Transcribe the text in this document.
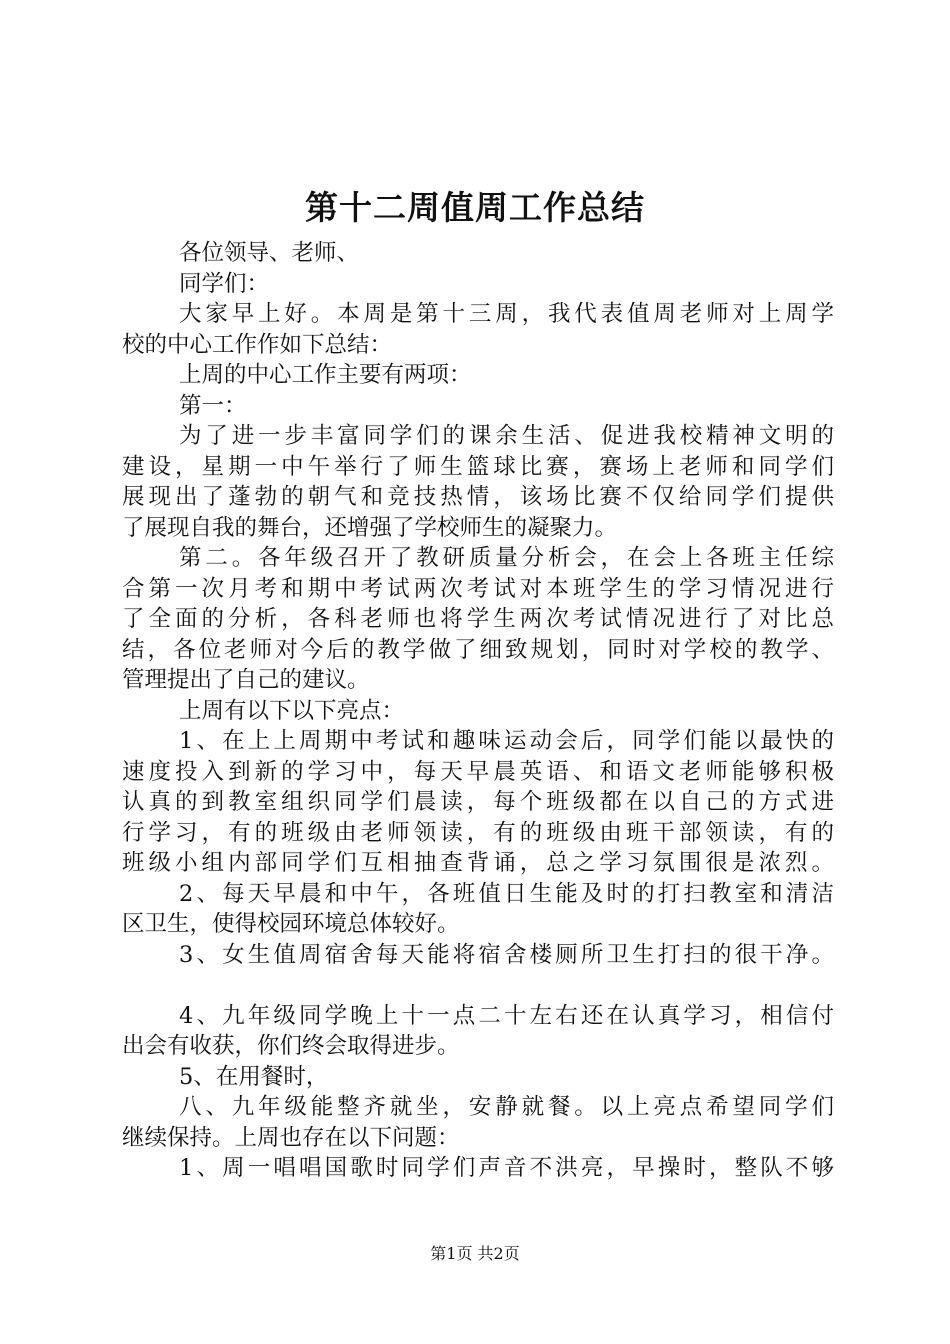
第十二周值周工作总结

各位领导、老师、

同学们：

大家早上好。本周是第十三周，我代表值周老师对上周学

校的中心工作作如下总结：

上周的中心工作主要有两项：

第一：

为了进一步丰富同学们的课余生活、促进我校精神文明的

建设，星期一中午举行了师生篮球比赛，赛场上老师和同学们

展现出了蓬勃的朝气和竞技热情，该场比赛不仅给同学们提供

了展现自我的舞台，还增强了学校师生的凝聚力。

第二。各年级召开了教研质量分析会，在会上各班主任综

合第一次月考和期中考试两次考试对本班学生的学习情况进行

了全面的分析，各科老师也将学生两次考试情况进行了对比总

结，各位老师对今后的教学做了细致规划，同时对学校的教学、

管理提出了自己的建议。

上周有以下以下亮点：

1、在上上周期中考试和趣味运动会后，同学们能以最快的

速度投入到新的学习中，每天早晨英语、和语文老师能够积极

认真的到教室组织同学们晨读，每个班级都在以自己的方式进

行学习，有的班级由老师领读，有的班级由班干部领读，有的

班级小组内部同学们互相抽查背诵，总之学习氛围很是浓烈。

2、每天早晨和中午，各班值日生能及时的打扫教室和清洁

区卫生，使得校园环境总体较好。

3、女生值周宿舍每天能将宿舍楼厕所卫生打扫的很干净。

4、九年级同学晚上十一点二十左右还在认真学习，相信付

出会有收获，你们终会取得进步。

5、在用餐时，

八、九年级能整齐就坐，安静就餐。以上亮点希望同学们

继续保持。上周也存在以下问题：

1、周一唱唱国歌时同学们声音不洪亮，早操时，整队不够

第1页 共2页
